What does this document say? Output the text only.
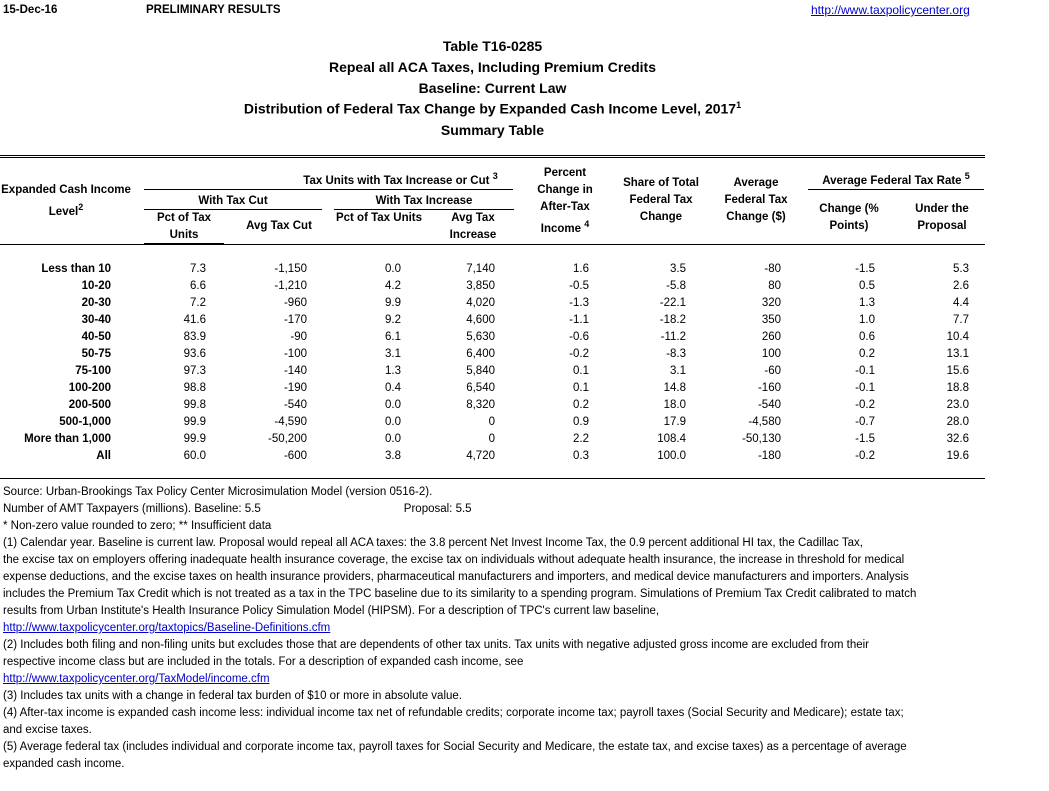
15-Dec-16	PRELIMINARY RESULTS	http://www.taxpolicycenter.org
Table T16-0285
Repeal all ACA Taxes, Including Premium Credits
Baseline: Current Law
Distribution of Federal Tax Change by Expanded Cash Income Level, 2017$^1$
Summary Table
Expanded Cash Income Level$^2$
Tax Units with Tax Increase or Cut $^3$
With Tax Cut	With Tax Increase
Pct of Tax Units
Avg Tax Cut
Pct of Tax Units	Avg Tax Increase
Percent
Change in
After-Tax
Income $^4$
Share of Total
Federal Tax
Change
Average
Federal Tax
Change ($)
Average Federal Tax Rate $^5$
Change (%
Points)
Under the
Proposal
Less than 10	7.3	-1,150	0.0	7,140	1.6	3.5	-80	-1.5	5.3
10-20	6.6	-1,210	4.2	3,850	-0.5	-5.8	80	0.5	2.6
20-30	7.2	-960	9.9	4,020	-1.3	-22.1	320	1.3	4.4
30-40	41.6	-170	9.2	4,600	-1.1	-18.2	350	1.0	7.7
40-50	83.9	-90	6.1	5,630	-0.6	-11.2	260	0.6	10.4
50-75	93.6	-100	3.1	6,400	-0.2	-8.3	100	0.2	13.1
75-100	97.3	-140	1.3	5,840	0.1	3.1	-60	-0.1	15.6
100-200	98.8	-190	0.4	6,540	0.1	14.8	-160	-0.1	18.8
200-500	99.8	-540	0.0	8,320	0.2	18.0	-540	-0.2	23.0
500-1,000	99.9	-4,590	0.0	0	0.9	17.9	-4,580	-0.7	28.0
More than 1,000	99.9	-50,200	0.0	0	2.2	108.4	-50,130	-1.5	32.6
All	60.0	-600	3.8	4,720	0.3	100.0	-180	-0.2	19.6
Source: Urban-Brookings Tax Policy Center Microsimulation Model (version 0516-2).
Number of AMT Taxpayers (millions). Baseline: 5.5	Proposal: 5.5
* Non-zero value rounded to zero; ** Insufficient data
(1) Calendar year. Baseline is current law. Proposal would repeal all ACA taxes: the 3.8 percent Net Invest Income Tax, the 0.9 percent additional HI tax, the Cadillac Tax,
the excise tax on employers offering inadequate health insurance coverage, the excise tax on individuals without adequate health insurance, the increase in threshold for medical
expense deductions, and the excise taxes on health insurance providers, pharmaceutical manufacturers and importers, and medical device manufacturers and importers. Analysis
includes the Premium Tax Credit which is not treated as a tax in the TPC baseline due to its similarity to a spending program. Simulations of Premium Tax Credit calibrated to match
results from Urban Institute's Health Insurance Policy Simulation Model (HIPSM). For a description of TPC's current law baseline,
http://www.taxpolicycenter.org/taxtopics/Baseline-Definitions.cfm
(2) Includes both filing and non-filing units but excludes those that are dependents of other tax units. Tax units with negative adjusted gross income are excluded from their
respective income class but are included in the totals. For a description of expanded cash income, see
http://www.taxpolicycenter.org/TaxModel/income.cfm
(3) Includes tax units with a change in federal tax burden of $10 or more in absolute value.
(4) After-tax income is expanded cash income less: individual income tax net of refundable credits; corporate income tax; payroll taxes (Social Security and Medicare); estate tax;
and excise taxes.
(5) Average federal tax (includes individual and corporate income tax, payroll taxes for Social Security and Medicare, the estate tax, and excise taxes) as a percentage of average
expanded cash income.
